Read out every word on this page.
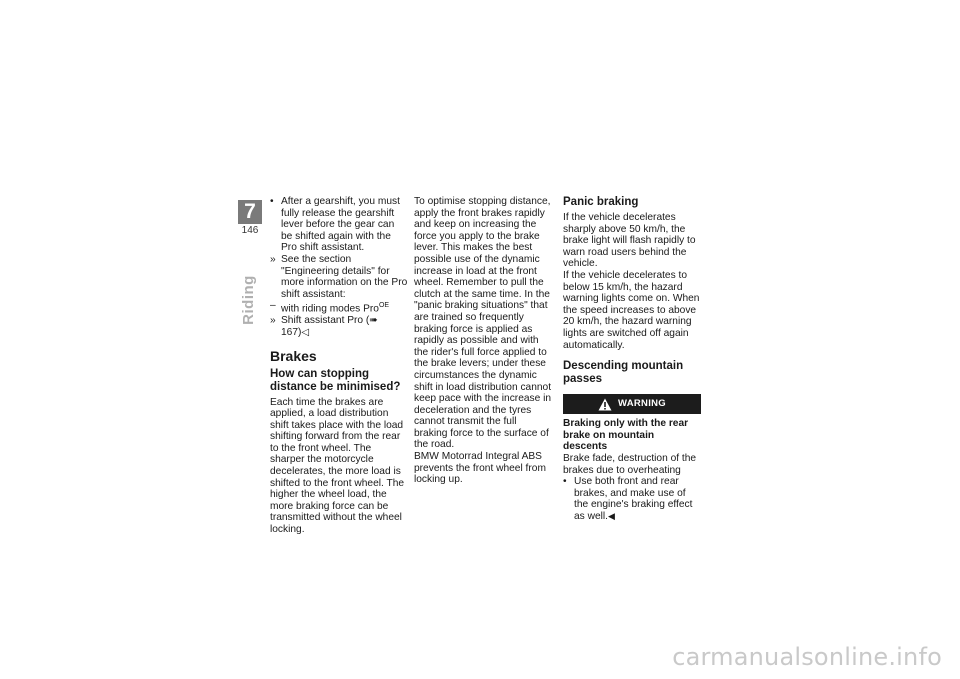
7
146
Riding
• After a gearshift, you must fully release the gearshift lever before the gear can be shifted again with the Pro shift assistant.
» See the section "Engineering details" for more information on the Pro shift assistant:
– with riding modes Pro$^{OE}$
» Shift assistant Pro (➠ 167)◁
Brakes
How can stopping distance be minimised?

Each time the brakes are applied, a load distribution shift takes place with the load shifting forward from the rear to the front wheel. The sharper the motorcycle decelerates, the more load is shifted to the front wheel. The higher the wheel load, the more braking force can be transmitted without the wheel locking.

To optimise stopping distance, apply the front brakes rapidly and keep on increasing the force you apply to the brake lever. This makes the best possible use of the dynamic increase in load at the front wheel. Remember to pull the clutch at the same time. In the "panic braking situations" that are trained so frequently braking force is applied as rapidly as possible and with the rider's full force applied to the brake levers; under these circumstances the dynamic shift in load distribution cannot keep pace with the increase in deceleration and the tyres cannot transmit the full braking force to the surface of the road.

BMW Motorrad Integral ABS prevents the front wheel from locking up.

Panic braking

If the vehicle decelerates sharply above 50 km/h, the brake light will flash rapidly to warn road users behind the vehicle.

If the vehicle decelerates to below 15 km/h, the hazard warning lights come on. When the speed increases to above 20 km/h, the hazard warning lights are switched off again automatically.

Descending mountain passes
WARNING

Braking only with the rear brake on mountain descents

Brake fade, destruction of the brakes due to overheating

• Use both front and rear brakes, and make use of the engine's braking effect as well.◀
carmanualsonline.info
